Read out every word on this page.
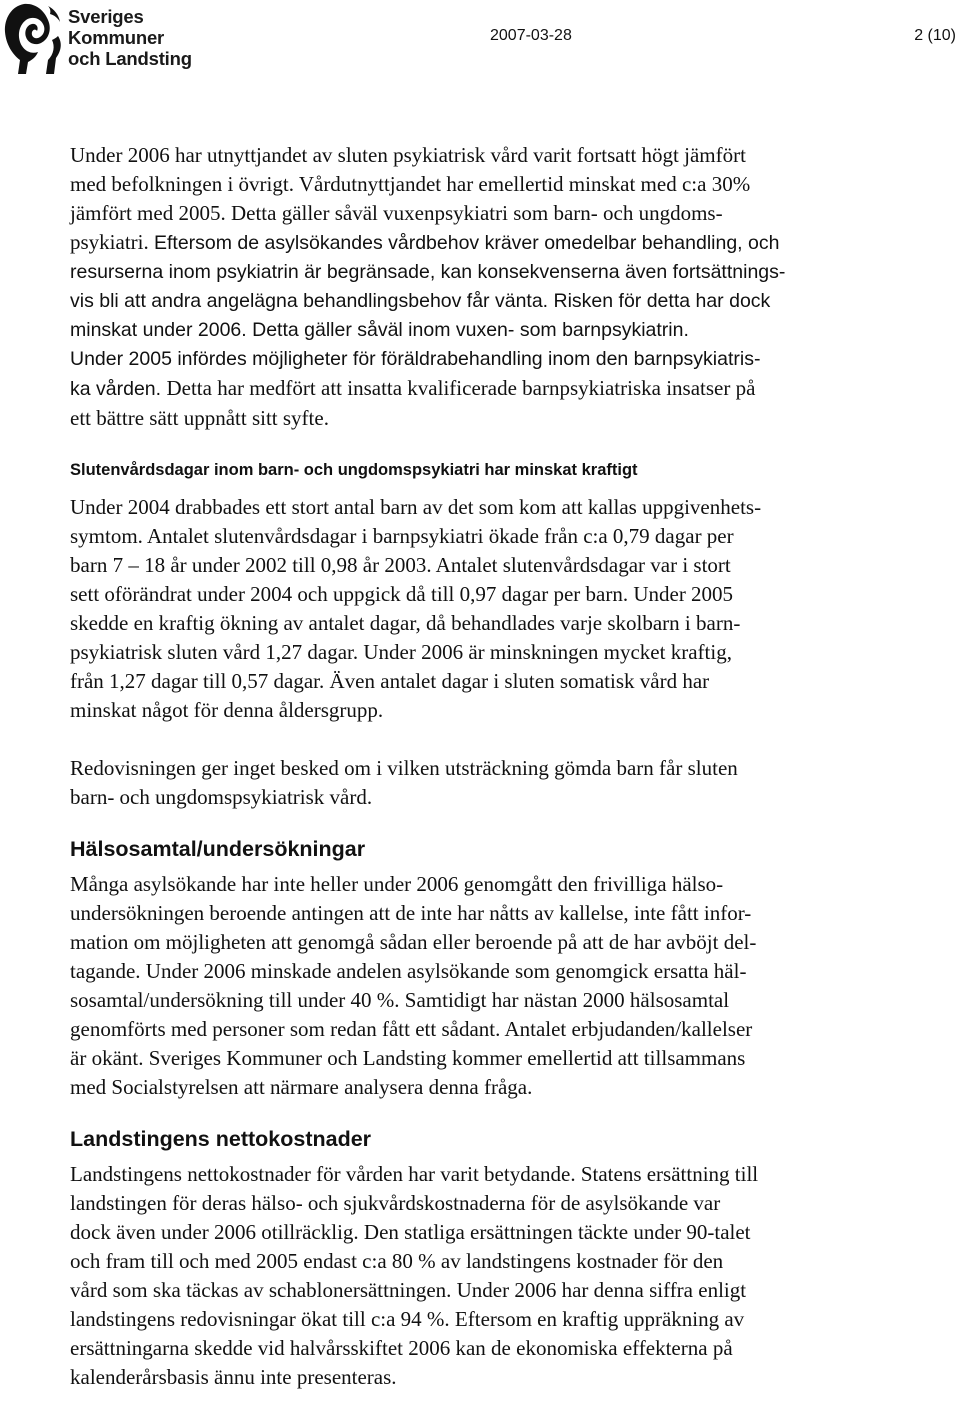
Sveriges
Kommuner
och Landsting
2007-03-28	2 (10)
Under 2006 har utnyttjandet av sluten psykiatrisk vård varit fortsatt högt jämfört
med befolkningen i övrigt. Vårdutnyttjandet har emellertid minskat med c:a 30%
jämfört med 2005. Detta gäller såväl vuxenpsykiatri som barn- och ungdoms-
psykiatri. Eftersom de asylsökandes vårdbehov kräver omedelbar behandling, och
resurserna inom psykiatrin är begränsade, kan konsekvenserna även fortsättnings-
vis bli att andra angelägna behandlingsbehov får vänta. Risken för detta har dock
minskat under 2006. Detta gäller såväl inom vuxen- som barnpsykiatrin.
Under 2005 infördes möjligheter för föräldrabehandling inom den barnpsykiatris-
ka vården. Detta har medfört att insatta kvalificerade barnpsykiatriska insatser på
ett bättre sätt uppnått sitt syfte.
Slutenvårdsdagar inom barn- och ungdomspsykiatri har minskat kraftigt
Under 2004 drabbades ett stort antal barn av det som kom att kallas uppgivenhets-
symtom. Antalet slutenvårdsdagar i barnpsykiatri ökade från c:a 0,79 dagar per
barn 7 – 18 år under 2002 till 0,98 år 2003. Antalet slutenvårdsdagar var i stort
sett oförändrat under 2004 och uppgick då till 0,97 dagar per barn. Under 2005
skedde en kraftig ökning av antalet dagar, då behandlades varje skolbarn i barn-
psykiatrisk sluten vård 1,27 dagar. Under 2006 är minskningen mycket kraftig,
från 1,27 dagar till 0,57 dagar. Även antalet dagar i sluten somatisk vård har
minskat något för denna åldersgrupp.
Redovisningen ger inget besked om i vilken utsträckning gömda barn får sluten
barn- och ungdomspsykiatrisk vård.
Hälsosamtal/undersökningar
Många asylsökande har inte heller under 2006 genomgått den frivilliga hälso-
undersökningen beroende antingen att de inte har nåtts av kallelse, inte fått infor-
mation om möjligheten att genomgå sådan eller beroende på att de har avböjt del-
tagande. Under 2006 minskade andelen asylsökande som genomgick ersatta häl-
sosamtal/undersökning till under 40 %. Samtidigt har nästan 2000 hälsosamtal
genomförts med personer som redan fått ett sådant. Antalet erbjudanden/kallelser
är okänt. Sveriges Kommuner och Landsting kommer emellertid att tillsammans
med Socialstyrelsen att närmare analysera denna fråga.
Landstingens nettokostnader
Landstingens nettokostnader för vården har varit betydande. Statens ersättning till
landstingen för deras hälso- och sjukvårdskostnaderna för de asylsökande var
dock även under 2006 otillräcklig. Den statliga ersättningen täckte under 90-talet
och fram till och med 2005 endast c:a 80 % av landstingens kostnader för den
vård som ska täckas av schablonersättningen. Under 2006 har denna siffra enligt
landstingens redovisningar ökat till c:a 94 %. Eftersom en kraftig uppräkning av
ersättningarna skedde vid halvårsskiftet 2006 kan de ekonomiska effekterna på
kalenderårsbasis ännu inte presenteras.
